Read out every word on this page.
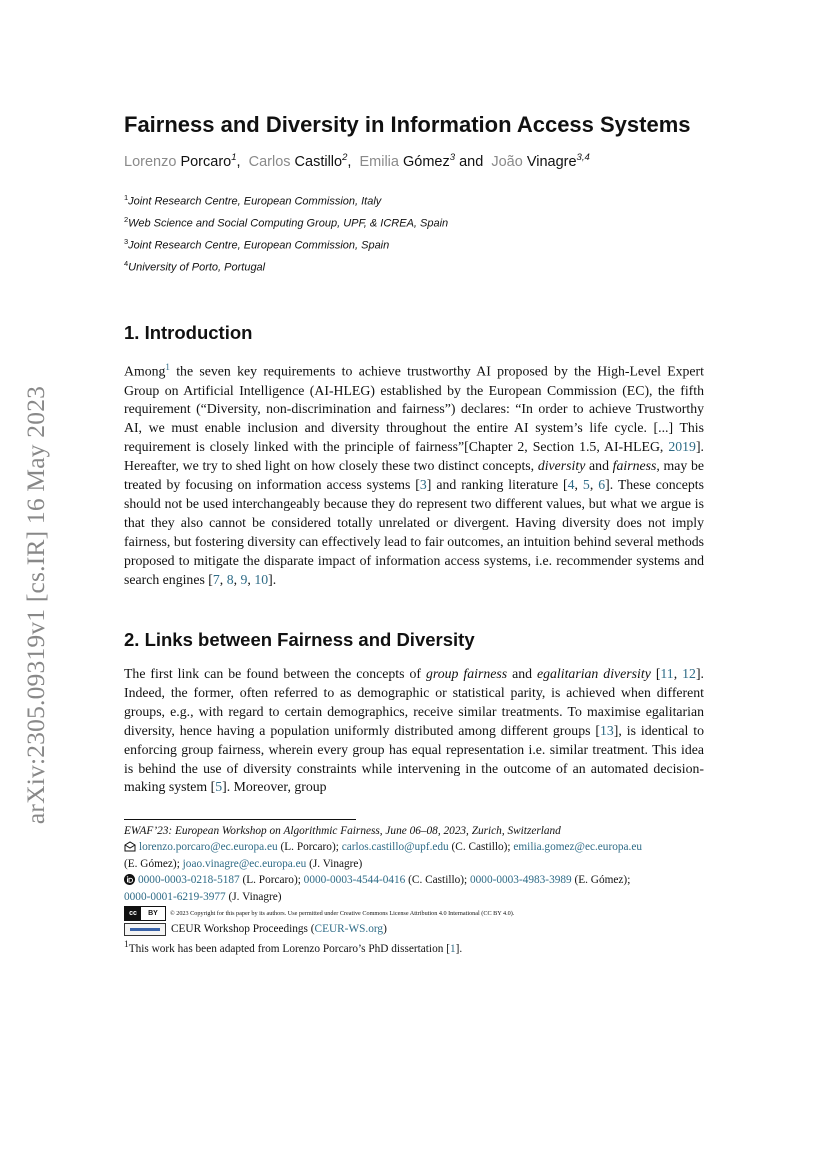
arXiv:2305.09319v1 [cs.IR] 16 May 2023
Fairness and Diversity in Information Access Systems
Lorenzo Porcaro$^1$, Carlos Castillo$^2$, Emilia Gómez$^3$ and João Vinagre$^{3,4}$
$^1$Joint Research Centre, European Commission, Italy
$^2$Web Science and Social Computing Group, UPF, & ICREA, Spain
$^3$Joint Research Centre, European Commission, Spain
$^4$University of Porto, Portugal
1. Introduction

Among$^1$ the seven key requirements to achieve trustworthy AI proposed by the High-Level Expert Group on Artificial Intelligence (AI-HLEG) established by the European Commission (EC), the fifth requirement (“Diversity, non-discrimination and fairness”) declares: “In order to achieve Trustworthy AI, we must enable inclusion and diversity throughout the entire AI system’s life cycle. [...] This requirement is closely linked with the principle of fairness”[Chapter 2, Section 1.5, AI-HLEG, 2019]. Hereafter, we try to shed light on how closely these two distinct concepts, diversity and fairness, may be treated by focusing on information access systems [3] and ranking literature [4, 5, 6]. These concepts should not be used interchangeably because they do represent two different values, but what we argue is that they also cannot be considered totally unrelated or divergent. Having diversity does not imply fairness, but fostering diversity can effectively lead to fair outcomes, an intuition behind several methods proposed to mitigate the disparate impact of information access systems, i.e. recommender systems and search engines [7, 8, 9, 10].

2. Links between Fairness and Diversity

The first link can be found between the concepts of group fairness and egalitarian diversity [11, 12]. Indeed, the former, often referred to as demographic or statistical parity, is achieved when different groups, e.g., with regard to certain demographics, receive similar treatments. To maximise egalitarian diversity, hence having a population uniformly distributed among different groups [13], is identical to enforcing group fairness, wherein every group has equal representation i.e. similar treatment. This idea is behind the use of diversity constraints while intervening in the outcome of an automated decision-making system [5]. Moreover, group

EWAF’23: European Workshop on Algorithmic Fairness, June 06–08, 2023, Zurich, Switzerland
lorenzo.porcaro@ec.europa.eu (L. Porcaro); carlos.castillo@upf.edu (C. Castillo); emilia.gomez@ec.europa.eu
(E. Gómez); joao.vinagre@ec.europa.eu (J. Vinagre)
0000-0003-0218-5187 (L. Porcaro); 0000-0003-4544-0416 (C. Castillo); 0000-0003-4983-3989 (E. Gómez);
0000-0001-6219-3977 (J. Vinagre)
cc	BY	© 2023 Copyright for this paper by its authors. Use permitted under Creative Commons License Attribution 4.0 International (CC BY 4.0).
CEUR Workshop Proceedings (CEUR-WS.org)
$^1$This work has been adapted from Lorenzo Porcaro’s PhD dissertation [1].
